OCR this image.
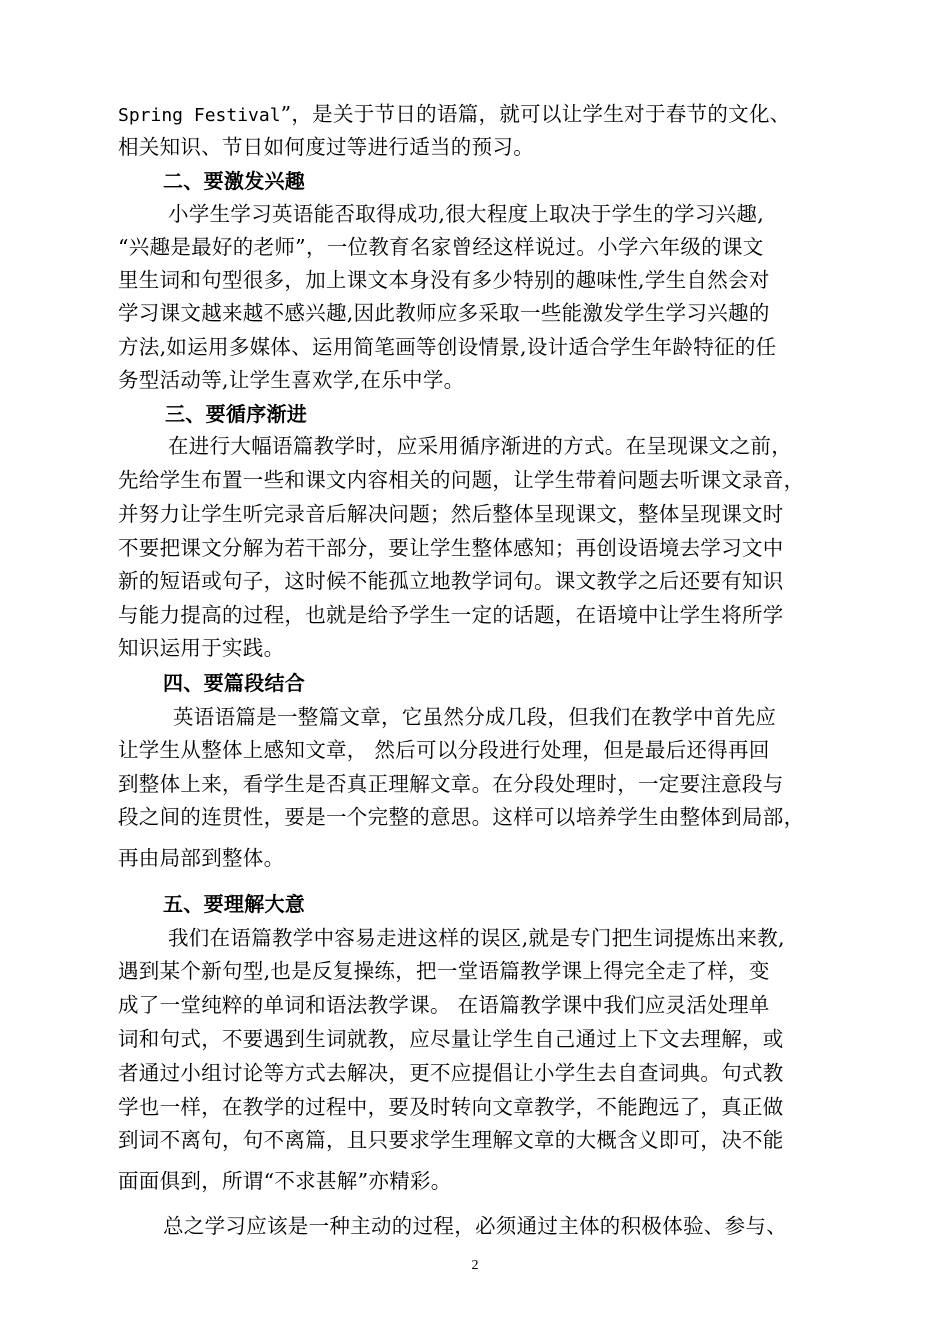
Spring Festival”，是关于节日的语篇，就可以让学生对于春节的文化、
相关知识、节日如何度过等进行适当的预习。
二、要激发兴趣
小学生学习英语能否取得成功,很大程度上取决于学生的学习兴趣,
“兴趣是最好的老师”，一位教育名家曾经这样说过。小学六年级的课文
里生词和句型很多，加上课文本身没有多少特别的趣味性,学生自然会对
学习课文越来越不感兴趣,因此教师应多采取一些能激发学生学习兴趣的
方法,如运用多媒体、运用简笔画等创设情景,设计适合学生年龄特征的任
务型活动等,让学生喜欢学,在乐中学。
三、要循序渐进
在进行大幅语篇教学时，应采用循序渐进的方式。在呈现课文之前，
先给学生布置一些和课文内容相关的问题，让学生带着问题去听课文录音，
并努力让学生听完录音后解决问题；然后整体呈现课文，整体呈现课文时
不要把课文分解为若干部分，要让学生整体感知；再创设语境去学习文中
新的短语或句子，这时候不能孤立地教学词句。课文教学之后还要有知识
与能力提高的过程，也就是给予学生一定的话题，在语境中让学生将所学
知识运用于实践。
四、要篇段结合
英语语篇是一整篇文章，它虽然分成几段，但我们在教学中首先应
让学生从整体上感知文章， 然后可以分段进行处理，但是最后还得再回
到整体上来，看学生是否真正理解文章。在分段处理时，一定要注意段与
段之间的连贯性，要是一个完整的意思。这样可以培养学生由整体到局部，
再由局部到整体。
五、要理解大意
我们在语篇教学中容易走进这样的误区,就是专门把生词提炼出来教,
遇到某个新句型,也是反复操练，把一堂语篇教学课上得完全走了样，变
成了一堂纯粹的单词和语法教学课。 在语篇教学课中我们应灵活处理单
词和句式，不要遇到生词就教，应尽量让学生自己通过上下文去理解，或
者通过小组讨论等方式去解决，更不应提倡让小学生去自查词典。句式教
学也一样，在教学的过程中，要及时转向文章教学，不能跑远了，真正做
到词不离句，句不离篇，且只要求学生理解文章的大概含义即可，决不能
面面俱到，所谓“不求甚解”亦精彩。
总之学习应该是一种主动的过程，必须通过主体的积极体验、参与、
2
